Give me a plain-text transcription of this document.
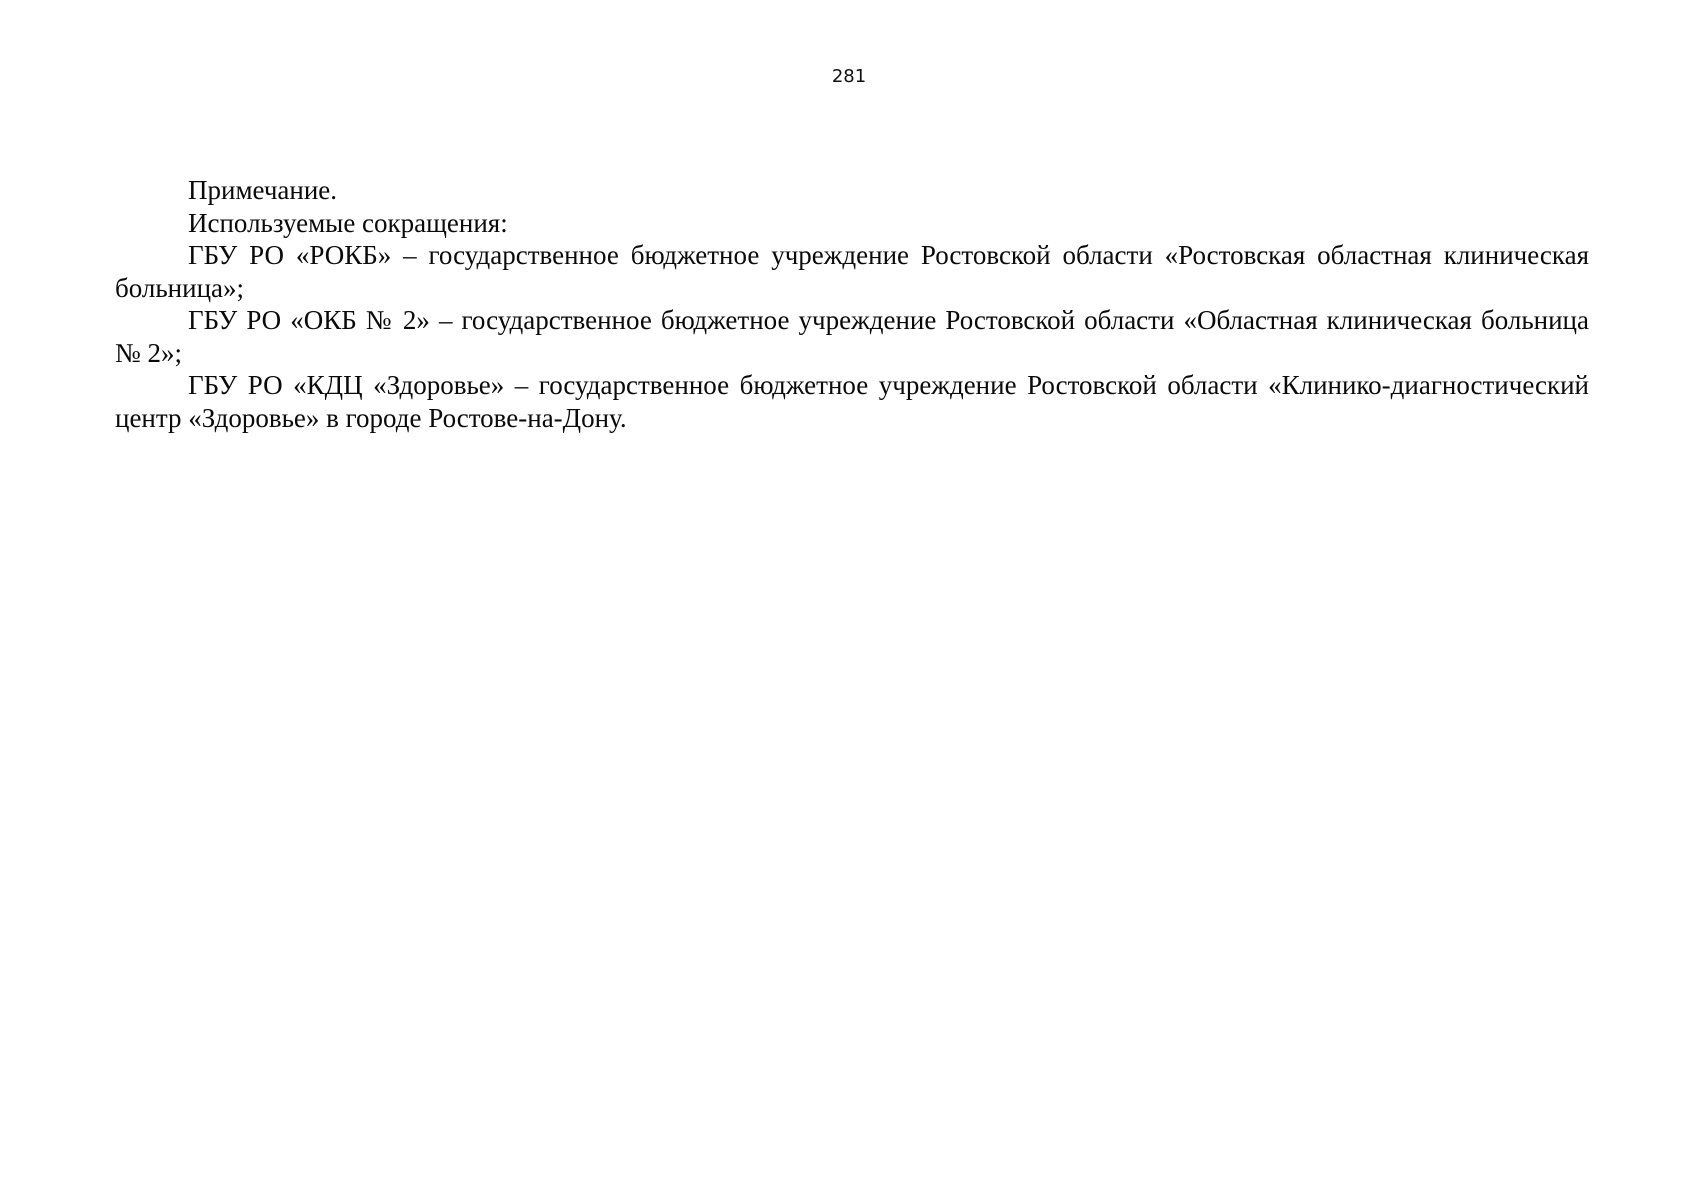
281

Примечание.

Используемые сокращения:

ГБУ РО «РОКБ» – государственное бюджетное учреждение Ростовской области «Ростовская областная клиническая больница»;

ГБУ РО «ОКБ № 2» – государственное бюджетное учреждение Ростовской области «Областная клиническая больница № 2»;

ГБУ РО «КДЦ «Здоровье» – государственное бюджетное учреждение Ростовской области «Клинико-диагностический центр «Здоровье» в городе Ростове-на-Дону.
